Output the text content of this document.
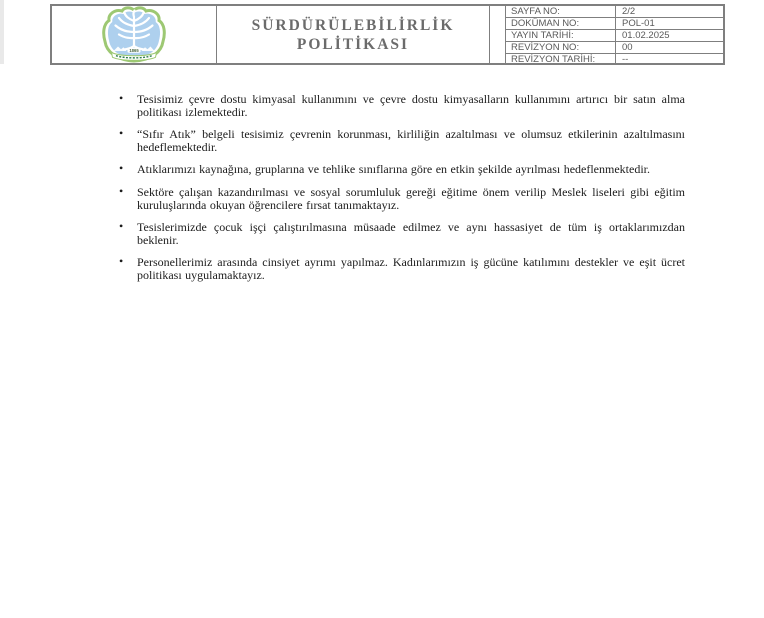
1865
SÜRDÜRÜLEBİLİRLİK
POLİTİKASI
SAYFA NO:	2/2
DOKÜMAN NO:	POL-01
YAYIN TARİHİ:	01.02.2025
REVİZYON NO:	00
REVİZYON TARİHİ:	--
• Tesisimiz çevre dostu kimyasal kullanımını ve çevre dostu kimyasalların kullanımını artırıcı bir satın alma politikası izlemektedir.
• “Sıfır Atık” belgeli tesisimiz çevrenin korunması, kirliliğin azaltılması ve olumsuz etkilerinin azaltılmasını hedeflemektedir.
• Atıklarımızı kaynağına, gruplarına ve tehlike sınıflarına göre en etkin şekilde ayrılması hedeflenmektedir.
• Sektöre çalışan kazandırılması ve sosyal sorumluluk gereği eğitime önem verilip Meslek liseleri gibi eğitim kuruluşlarında okuyan öğrencilere fırsat tanımaktayız.
• Tesislerimizde çocuk işçi çalıştırılmasına müsaade edilmez ve aynı hassasiyet de tüm iş ortaklarımızdan beklenir.
• Personellerimiz arasında cinsiyet ayrımı yapılmaz. Kadınlarımızın iş gücüne katılımını destekler ve eşit ücret politikası uygulamaktayız.
